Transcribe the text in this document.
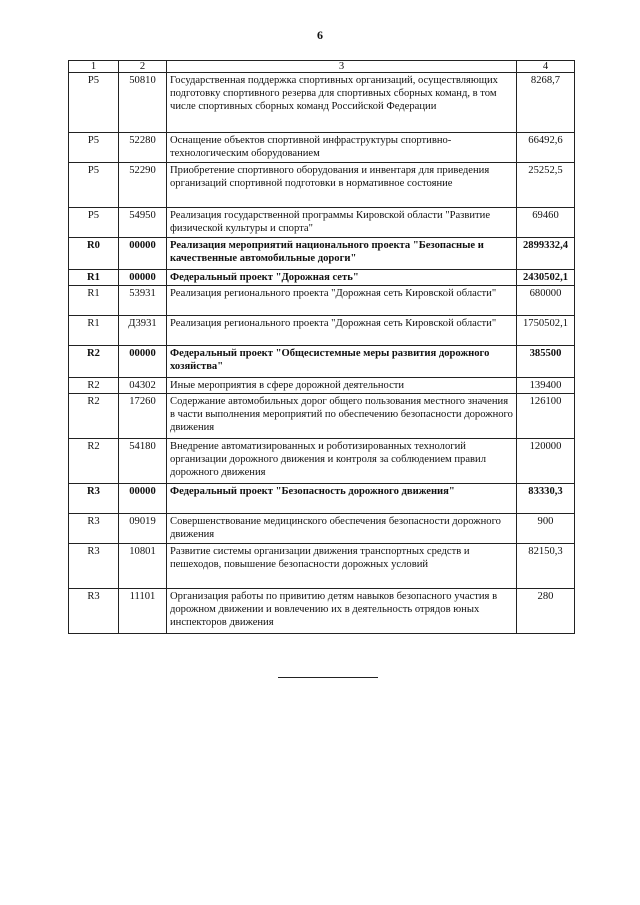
6
1	2	3	4
Р5	50810	Государственная поддержка спортивных организаций, осуществляющих подготовку спортивного резерва для спортивных сборных команд, в том числе спортивных сборных команд Российской Федерации	8268,7
Р5	52280	Оснащение объектов спортивной инфраструктуры спортивно-технологическим оборудованием	66492,6
Р5	52290	Приобретение спортивного оборудования и инвентаря для приведения организаций спортивной подготовки в нормативное состояние	25252,5
Р5	54950	Реализация государственной программы Кировской области "Развитие физической культуры и спорта"	69460
R0	00000	Реализация мероприятий национального проекта "Безопасные и качественные автомобильные дороги"	2899332,4
R1	00000	Федеральный проект "Дорожная сеть"	2430502,1
R1	53931	Реализация регионального проекта "Дорожная сеть Кировской области"	680000
R1	Д3931	Реализация регионального проекта "Дорожная сеть Кировской области"	1750502,1
R2	00000	Федеральный проект "Общесистемные меры развития дорожного хозяйства"	385500
R2	04302	Иные мероприятия в сфере дорожной деятельности	139400
R2	17260	Содержание автомобильных дорог общего пользования местного значения в части выполнения мероприятий по обеспечению безопасности дорожного движения	126100
R2	54180	Внедрение автоматизированных и роботизированных технологий организации дорожного движения и контроля за соблюдением правил дорожного движения	120000
R3	00000	Федеральный проект "Безопасность дорожного движения"	83330,3
R3	09019	Совершенствование медицинского обеспечения безопасности дорожного движения	900
R3	10801	Развитие системы организации движения транспортных средств и пешеходов, повышение безопасности дорожных условий	82150,3
R3	11101	Организация работы по привитию детям навыков безопасного участия в дорожном движении и вовлечению их в деятельность отрядов юных инспекторов движения	280
